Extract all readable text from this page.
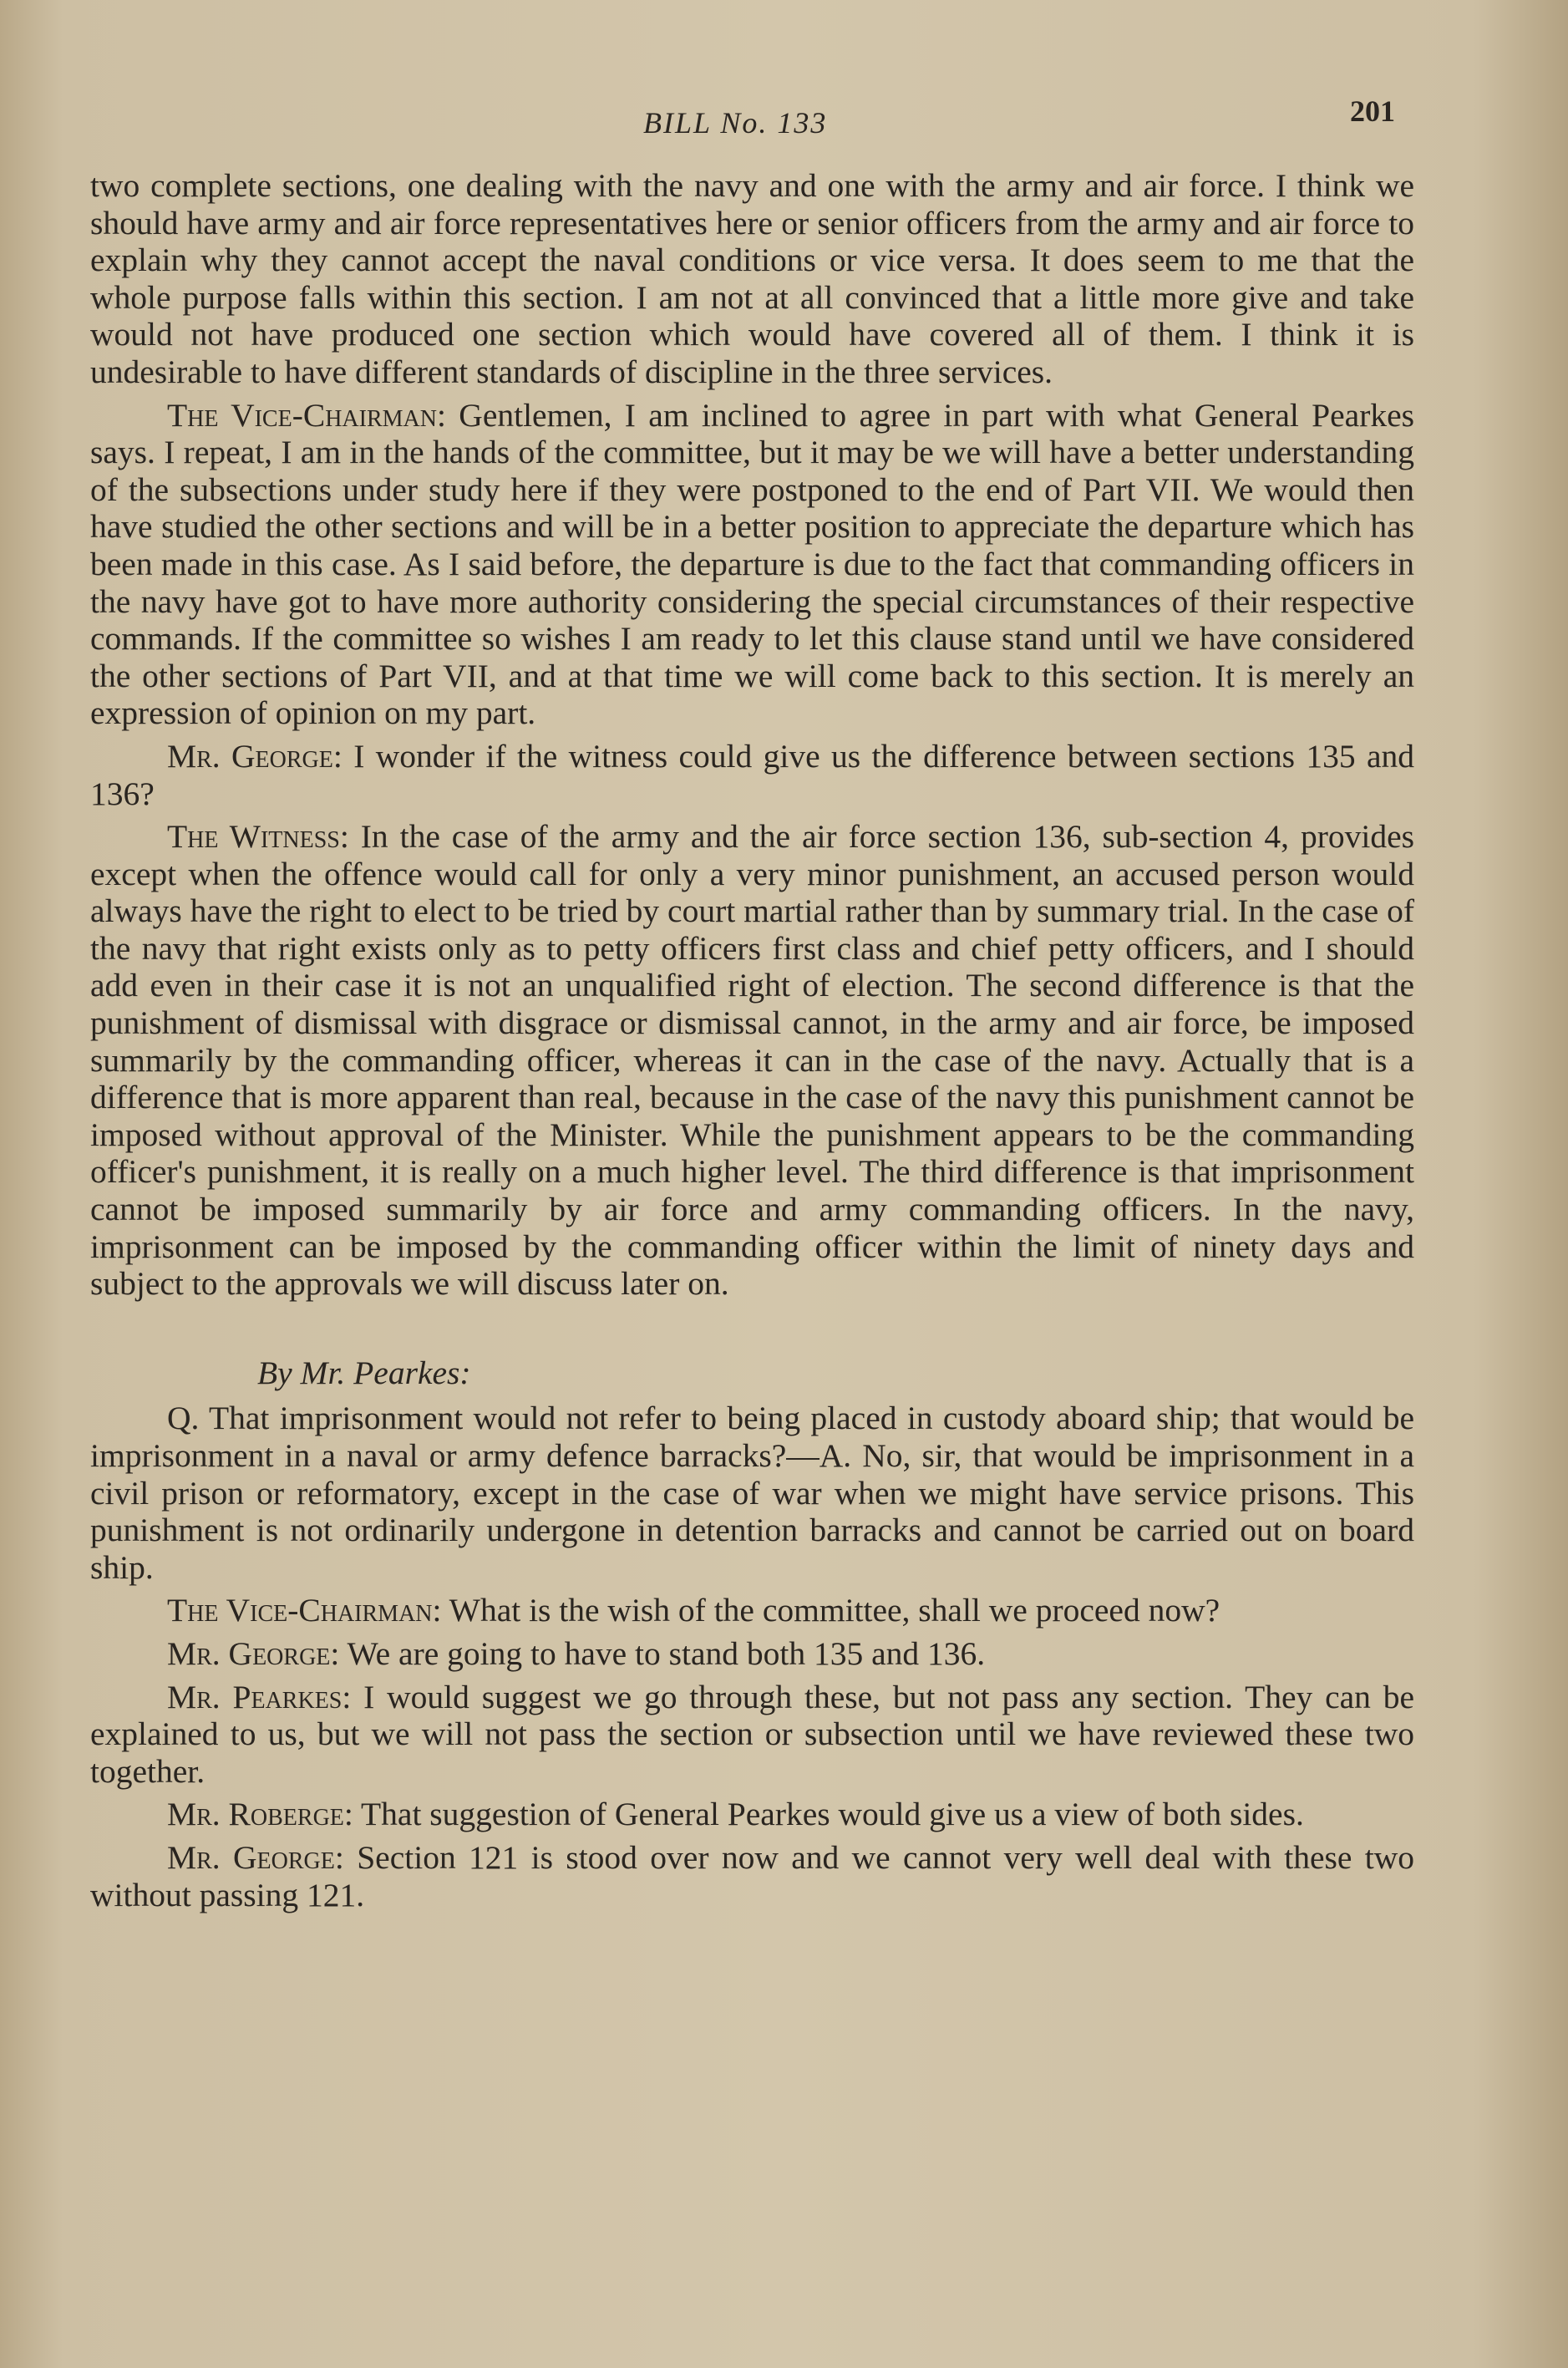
BILL No. 133	201

two complete sections, one dealing with the navy and one with the army and air force. I think we should have army and air force representatives here or senior officers from the army and air force to explain why they cannot accept the naval conditions or vice versa. It does seem to me that the whole purpose falls within this section. I am not at all convinced that a little more give and take would not have produced one section which would have covered all of them. I think it is undesirable to have different standards of discipline in the three services.

The Vice-Chairman: Gentlemen, I am inclined to agree in part with what General Pearkes says. I repeat, I am in the hands of the committee, but it may be we will have a better understanding of the subsections under study here if they were postponed to the end of Part VII. We would then have studied the other sections and will be in a better position to appreciate the departure which has been made in this case. As I said before, the departure is due to the fact that commanding officers in the navy have got to have more authority considering the special circumstances of their respective commands. If the committee so wishes I am ready to let this clause stand until we have considered the other sections of Part VII, and at that time we will come back to this section. It is merely an expression of opinion on my part.

Mr. George: I wonder if the witness could give us the difference between sections 135 and 136?

The Witness: In the case of the army and the air force section 136, sub-section 4, provides except when the offence would call for only a very minor punishment, an accused person would always have the right to elect to be tried by court martial rather than by summary trial. In the case of the navy that right exists only as to petty officers first class and chief petty officers, and I should add even in their case it is not an unqualified right of election. The second difference is that the punishment of dismissal with disgrace or dismissal cannot, in the army and air force, be imposed summarily by the commanding officer, whereas it can in the case of the navy. Actually that is a difference that is more apparent than real, because in the case of the navy this punishment cannot be imposed without approval of the Minister. While the punishment appears to be the commanding officer's punishment, it is really on a much higher level. The third difference is that imprisonment cannot be imposed summarily by air force and army commanding officers. In the navy, imprisonment can be imposed by the commanding officer within the limit of ninety days and subject to the approvals we will discuss later on.

By Mr. Pearkes:

Q. That imprisonment would not refer to being placed in custody aboard ship; that would be imprisonment in a naval or army defence barracks?—A. No, sir, that would be imprisonment in a civil prison or reformatory, except in the case of war when we might have service prisons. This punishment is not ordinarily undergone in detention barracks and cannot be carried out on board ship.

The Vice-Chairman: What is the wish of the committee, shall we proceed now?

Mr. George: We are going to have to stand both 135 and 136.

Mr. Pearkes: I would suggest we go through these, but not pass any section. They can be explained to us, but we will not pass the section or subsection until we have reviewed these two together.

Mr. Roberge: That suggestion of General Pearkes would give us a view of both sides.

Mr. George: Section 121 is stood over now and we cannot very well deal with these two without passing 121.
